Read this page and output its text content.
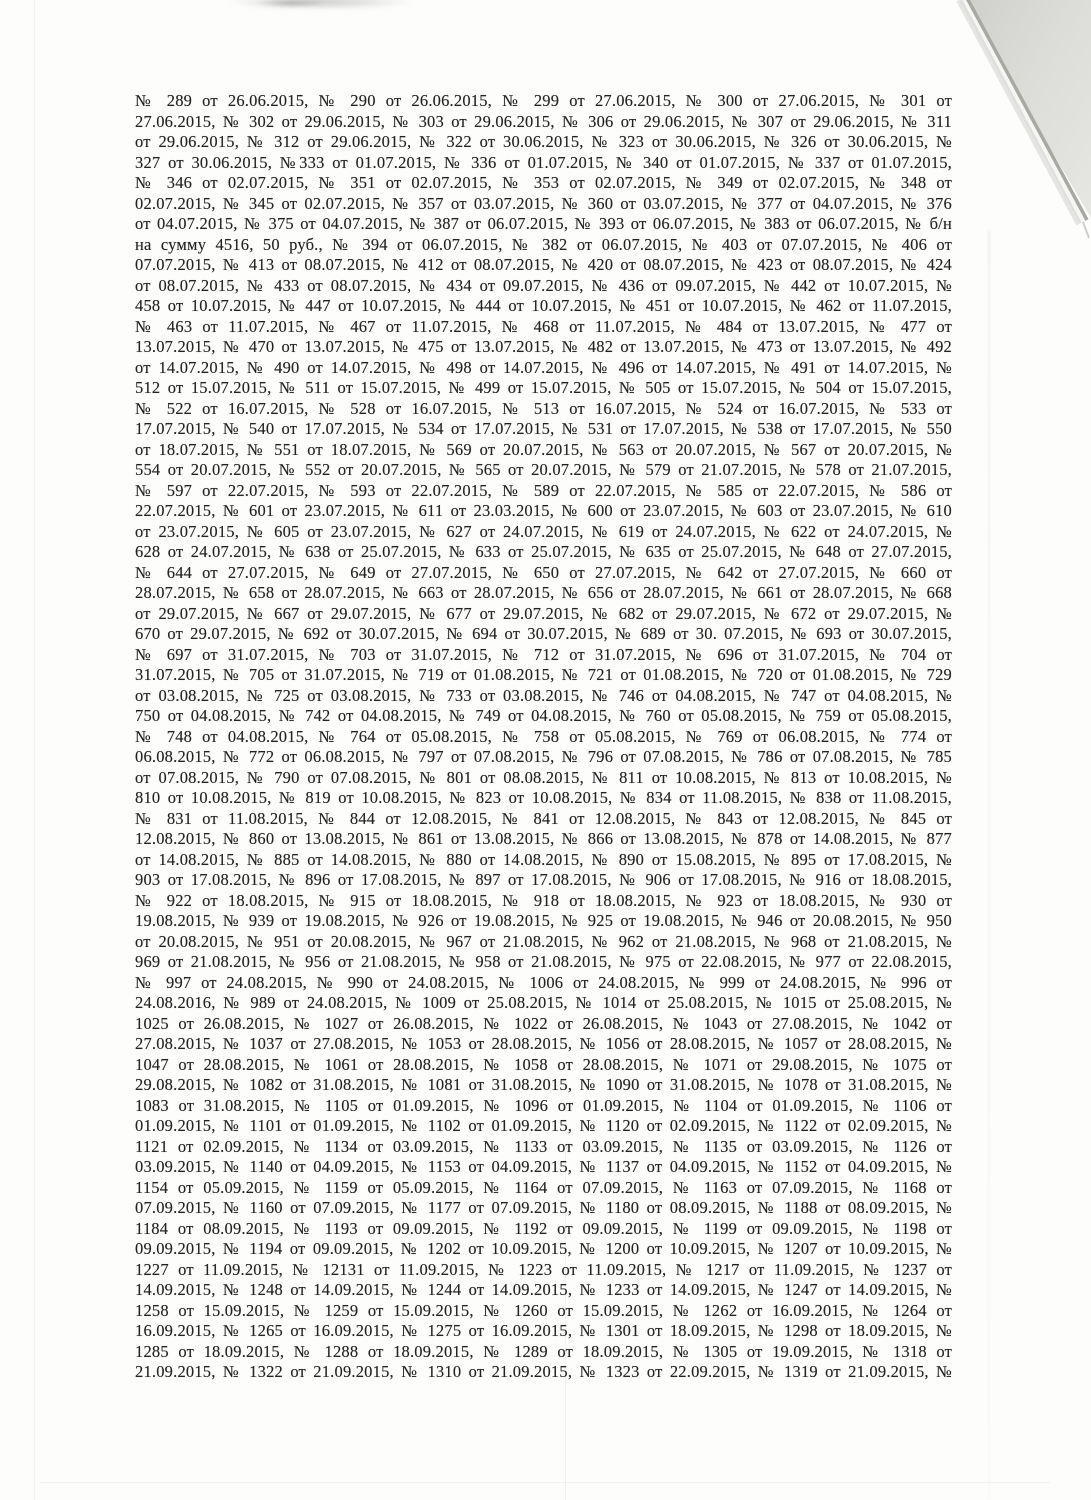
№ 289 от 26.06.2015, № 290 от 26.06.2015, № 299 от 27.06.2015, № 300 от 27.06.2015, № 301 от
27.06.2015, № 302 от 29.06.2015, № 303 от 29.06.2015, № 306 от 29.06.2015, № 307 от 29.06.2015, № 311
от 29.06.2015, № 312 от 29.06.2015, № 322 от 30.06.2015, № 323 от 30.06.2015, № 326 от 30.06.2015, №
327 от 30.06.2015, №333 от 01.07.2015, № 336 от 01.07.2015, № 340 от 01.07.2015, № 337 от 01.07.2015,
№ 346 от 02.07.2015, № 351 от 02.07.2015, № 353 от 02.07.2015, № 349 от 02.07.2015, № 348 от
02.07.2015, № 345 от 02.07.2015, № 357 от 03.07.2015, № 360 от 03.07.2015, № 377 от 04.07.2015, № 376
от 04.07.2015, № 375 от 04.07.2015, № 387 от 06.07.2015, № 393 от 06.07.2015, № 383 от 06.07.2015, № б/н
на сумму 4516, 50 руб., № 394 от 06.07.2015, № 382 от 06.07.2015, № 403 от 07.07.2015, № 406 от
07.07.2015, № 413 от 08.07.2015, № 412 от 08.07.2015, № 420 от 08.07.2015, № 423 от 08.07.2015, № 424
от 08.07.2015, № 433 от 08.07.2015, № 434 от 09.07.2015, № 436 от 09.07.2015, № 442 от 10.07.2015, №
458 от 10.07.2015, № 447 от 10.07.2015, № 444 от 10.07.2015, № 451 от 10.07.2015, № 462 от 11.07.2015,
№ 463 от 11.07.2015, № 467 от 11.07.2015, № 468 от 11.07.2015, № 484 от 13.07.2015, № 477 от
13.07.2015, № 470 от 13.07.2015, № 475 от 13.07.2015, № 482 от 13.07.2015, № 473 от 13.07.2015, № 492
от 14.07.2015, № 490 от 14.07.2015, № 498 от 14.07.2015, № 496 от 14.07.2015, № 491 от 14.07.2015, №
512 от 15.07.2015, № 511 от 15.07.2015, № 499 от 15.07.2015, № 505 от 15.07.2015, № 504 от 15.07.2015,
№ 522 от 16.07.2015, № 528 от 16.07.2015, № 513 от 16.07.2015, № 524 от 16.07.2015, № 533 от
17.07.2015, № 540 от 17.07.2015, № 534 от 17.07.2015, № 531 от 17.07.2015, № 538 от 17.07.2015, № 550
от 18.07.2015, № 551 от 18.07.2015, № 569 от 20.07.2015, № 563 от 20.07.2015, № 567 от 20.07.2015, №
554 от 20.07.2015, № 552 от 20.07.2015, № 565 от 20.07.2015, № 579 от 21.07.2015, № 578 от 21.07.2015,
№ 597 от 22.07.2015, № 593 от 22.07.2015, № 589 от 22.07.2015, № 585 от 22.07.2015, № 586 от
22.07.2015, № 601 от 23.07.2015, № 611 от 23.03.2015, № 600 от 23.07.2015, № 603 от 23.07.2015, № 610
от 23.07.2015, № 605 от 23.07.2015, № 627 от 24.07.2015, № 619 от 24.07.2015, № 622 от 24.07.2015, №
628 от 24.07.2015, № 638 от 25.07.2015, № 633 от 25.07.2015, № 635 от 25.07.2015, № 648 от 27.07.2015,
№ 644 от 27.07.2015, № 649 от 27.07.2015, № 650 от 27.07.2015, № 642 от 27.07.2015, № 660 от
28.07.2015, № 658 от 28.07.2015, № 663 от 28.07.2015, № 656 от 28.07.2015, № 661 от 28.07.2015, № 668
от 29.07.2015, № 667 от 29.07.2015, № 677 от 29.07.2015, № 682 от 29.07.2015, № 672 от 29.07.2015, №
670 от 29.07.2015, № 692 от 30.07.2015, № 694 от 30.07.2015, № 689 от 30. 07.2015, № 693 от 30.07.2015,
№ 697 от 31.07.2015, № 703 от 31.07.2015, № 712 от 31.07.2015, № 696 от 31.07.2015, № 704 от
31.07.2015, № 705 от 31.07.2015, № 719 от 01.08.2015, № 721 от 01.08.2015, № 720 от 01.08.2015, № 729
от 03.08.2015, № 725 от 03.08.2015, № 733 от 03.08.2015, № 746 от 04.08.2015, № 747 от 04.08.2015, №
750 от 04.08.2015, № 742 от 04.08.2015, № 749 от 04.08.2015, № 760 от 05.08.2015, № 759 от 05.08.2015,
№ 748 от 04.08.2015, № 764 от 05.08.2015, № 758 от 05.08.2015, № 769 от 06.08.2015, № 774 от
06.08.2015, № 772 от 06.08.2015, № 797 от 07.08.2015, № 796 от 07.08.2015, № 786 от 07.08.2015, № 785
от 07.08.2015, № 790 от 07.08.2015, № 801 от 08.08.2015, № 811 от 10.08.2015, № 813 от 10.08.2015, №
810 от 10.08.2015, № 819 от 10.08.2015, № 823 от 10.08.2015, № 834 от 11.08.2015, № 838 от 11.08.2015,
№ 831 от 11.08.2015, № 844 от 12.08.2015, № 841 от 12.08.2015, № 843 от 12.08.2015, № 845 от
12.08.2015, № 860 от 13.08.2015, № 861 от 13.08.2015, № 866 от 13.08.2015, № 878 от 14.08.2015, № 877
от 14.08.2015, № 885 от 14.08.2015, № 880 от 14.08.2015, № 890 от 15.08.2015, № 895 от 17.08.2015, №
903 от 17.08.2015, № 896 от 17.08.2015, № 897 от 17.08.2015, № 906 от 17.08.2015, № 916 от 18.08.2015,
№ 922 от 18.08.2015, № 915 от 18.08.2015, № 918 от 18.08.2015, № 923 от 18.08.2015, № 930 от
19.08.2015, № 939 от 19.08.2015, № 926 от 19.08.2015, № 925 от 19.08.2015, № 946 от 20.08.2015, № 950
от 20.08.2015, № 951 от 20.08.2015, № 967 от 21.08.2015, № 962 от 21.08.2015, № 968 от 21.08.2015, №
969 от 21.08.2015, № 956 от 21.08.2015, № 958 от 21.08.2015, № 975 от 22.08.2015, № 977 от 22.08.2015,
№ 997 от 24.08.2015, № 990 от 24.08.2015, № 1006 от 24.08.2015, № 999 от 24.08.2015, № 996 от
24.08.2016, № 989 от 24.08.2015, № 1009 от 25.08.2015, № 1014 от 25.08.2015, № 1015 от 25.08.2015, №
1025 от 26.08.2015, № 1027 от 26.08.2015, № 1022 от 26.08.2015, № 1043 от 27.08.2015, № 1042 от
27.08.2015, № 1037 от 27.08.2015, № 1053 от 28.08.2015, № 1056 от 28.08.2015, № 1057 от 28.08.2015, №
1047 от 28.08.2015, № 1061 от 28.08.2015, № 1058 от 28.08.2015, № 1071 от 29.08.2015, № 1075 от
29.08.2015, № 1082 от 31.08.2015, № 1081 от 31.08.2015, № 1090 от 31.08.2015, № 1078 от 31.08.2015, №
1083 от 31.08.2015, № 1105 от 01.09.2015, № 1096 от 01.09.2015, № 1104 от 01.09.2015, № 1106 от
01.09.2015, № 1101 от 01.09.2015, № 1102 от 01.09.2015, № 1120 от 02.09.2015, № 1122 от 02.09.2015, №
1121 от 02.09.2015, № 1134 от 03.09.2015, № 1133 от 03.09.2015, № 1135 от 03.09.2015, № 1126 от
03.09.2015, № 1140 от 04.09.2015, № 1153 от 04.09.2015, № 1137 от 04.09.2015, № 1152 от 04.09.2015, №
1154 от 05.09.2015, № 1159 от 05.09.2015, № 1164 от 07.09.2015, № 1163 от 07.09.2015, № 1168 от
07.09.2015, № 1160 от 07.09.2015, № 1177 от 07.09.2015, № 1180 от 08.09.2015, № 1188 от 08.09.2015, №
1184 от 08.09.2015, № 1193 от 09.09.2015, № 1192 от 09.09.2015, № 1199 от 09.09.2015, № 1198 от
09.09.2015, № 1194 от 09.09.2015, № 1202 от 10.09.2015, № 1200 от 10.09.2015, № 1207 от 10.09.2015, №
1227 от 11.09.2015, № 12131 от 11.09.2015, № 1223 от 11.09.2015, № 1217 от 11.09.2015, № 1237 от
14.09.2015, № 1248 от 14.09.2015, № 1244 от 14.09.2015, № 1233 от 14.09.2015, № 1247 от 14.09.2015, №
1258 от 15.09.2015, № 1259 от 15.09.2015, № 1260 от 15.09.2015, № 1262 от 16.09.2015, № 1264 от
16.09.2015, № 1265 от 16.09.2015, № 1275 от 16.09.2015, № 1301 от 18.09.2015, № 1298 от 18.09.2015, №
1285 от 18.09.2015, № 1288 от 18.09.2015, № 1289 от 18.09.2015, № 1305 от 19.09.2015, № 1318 от
21.09.2015, № 1322 от 21.09.2015, № 1310 от 21.09.2015, № 1323 от 22.09.2015, № 1319 от 21.09.2015, №
